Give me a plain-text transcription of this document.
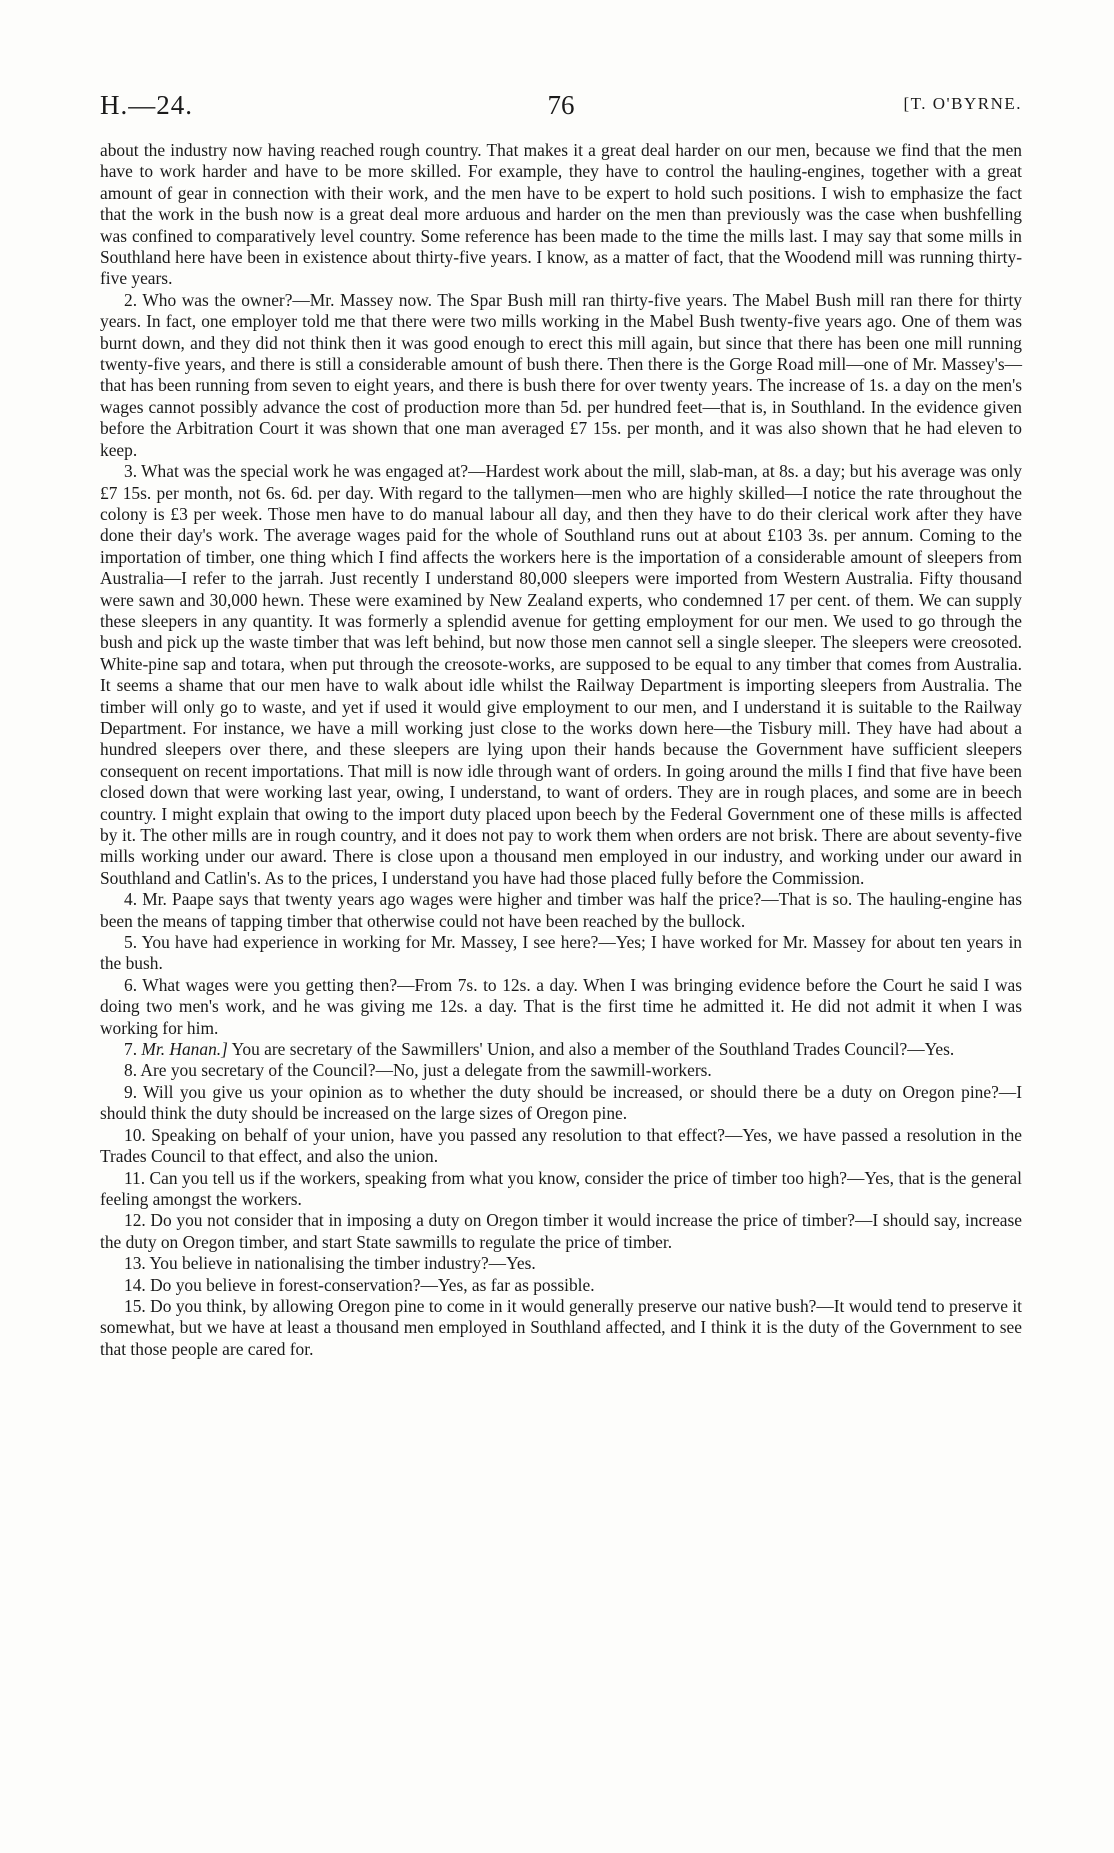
H.—24.	76	[T. O'BYRNE.

about the industry now having reached rough country. That makes it a great deal harder on our men, because we find that the men have to work harder and have to be more skilled. For example, they have to control the hauling-engines, together with a great amount of gear in connection with their work, and the men have to be expert to hold such positions. I wish to emphasize the fact that the work in the bush now is a great deal more arduous and harder on the men than previously was the case when bushfelling was confined to comparatively level country. Some reference has been made to the time the mills last. I may say that some mills in Southland here have been in existence about thirty-five years. I know, as a matter of fact, that the Woodend mill was running thirty-five years.

2. Who was the owner?—Mr. Massey now. The Spar Bush mill ran thirty-five years. The Mabel Bush mill ran there for thirty years. In fact, one employer told me that there were two mills working in the Mabel Bush twenty-five years ago. One of them was burnt down, and they did not think then it was good enough to erect this mill again, but since that there has been one mill running twenty-five years, and there is still a considerable amount of bush there. Then there is the Gorge Road mill—one of Mr. Massey's—that has been running from seven to eight years, and there is bush there for over twenty years. The increase of 1s. a day on the men's wages cannot possibly advance the cost of production more than 5d. per hundred feet—that is, in Southland. In the evidence given before the Arbitration Court it was shown that one man averaged £7 15s. per month, and it was also shown that he had eleven to keep.

3. What was the special work he was engaged at?—Hardest work about the mill, slab-man, at 8s. a day; but his average was only £7 15s. per month, not 6s. 6d. per day. With regard to the tallymen—men who are highly skilled—I notice the rate throughout the colony is £3 per week. Those men have to do manual labour all day, and then they have to do their clerical work after they have done their day's work. The average wages paid for the whole of Southland runs out at about £103 3s. per annum. Coming to the importation of timber, one thing which I find affects the workers here is the importation of a considerable amount of sleepers from Australia—I refer to the jarrah. Just recently I understand 80,000 sleepers were imported from Western Australia. Fifty thousand were sawn and 30,000 hewn. These were examined by New Zealand experts, who condemned 17 per cent. of them. We can supply these sleepers in any quantity. It was formerly a splendid avenue for getting employment for our men. We used to go through the bush and pick up the waste timber that was left behind, but now those men cannot sell a single sleeper. The sleepers were creosoted. White-pine sap and totara, when put through the creosote-works, are supposed to be equal to any timber that comes from Australia. It seems a shame that our men have to walk about idle whilst the Railway Department is importing sleepers from Australia. The timber will only go to waste, and yet if used it would give employment to our men, and I understand it is suitable to the Railway Department. For instance, we have a mill working just close to the works down here—the Tisbury mill. They have had about a hundred sleepers over there, and these sleepers are lying upon their hands because the Government have sufficient sleepers consequent on recent importations. That mill is now idle through want of orders. In going around the mills I find that five have been closed down that were working last year, owing, I understand, to want of orders. They are in rough places, and some are in beech country. I might explain that owing to the import duty placed upon beech by the Federal Government one of these mills is affected by it. The other mills are in rough country, and it does not pay to work them when orders are not brisk. There are about seventy-five mills working under our award. There is close upon a thousand men employed in our industry, and working under our award in Southland and Catlin's. As to the prices, I understand you have had those placed fully before the Commission.

4. Mr. Paape says that twenty years ago wages were higher and timber was half the price?—That is so. The hauling-engine has been the means of tapping timber that otherwise could not have been reached by the bullock.

5. You have had experience in working for Mr. Massey, I see here?—Yes; I have worked for Mr. Massey for about ten years in the bush.

6. What wages were you getting then?—From 7s. to 12s. a day. When I was bringing evidence before the Court he said I was doing two men's work, and he was giving me 12s. a day. That is the first time he admitted it. He did not admit it when I was working for him.

7. Mr. Hanan.] You are secretary of the Sawmillers' Union, and also a member of the Southland Trades Council?—Yes.

8. Are you secretary of the Council?—No, just a delegate from the sawmill-workers.

9. Will you give us your opinion as to whether the duty should be increased, or should there be a duty on Oregon pine?—I should think the duty should be increased on the large sizes of Oregon pine.

10. Speaking on behalf of your union, have you passed any resolution to that effect?—Yes, we have passed a resolution in the Trades Council to that effect, and also the union.

11. Can you tell us if the workers, speaking from what you know, consider the price of timber too high?—Yes, that is the general feeling amongst the workers.

12. Do you not consider that in imposing a duty on Oregon timber it would increase the price of timber?—I should say, increase the duty on Oregon timber, and start State sawmills to regulate the price of timber.

13. You believe in nationalising the timber industry?—Yes.

14. Do you believe in forest-conservation?—Yes, as far as possible.

15. Do you think, by allowing Oregon pine to come in it would generally preserve our native bush?—It would tend to preserve it somewhat, but we have at least a thousand men employed in Southland affected, and I think it is the duty of the Government to see that those people are cared for.
